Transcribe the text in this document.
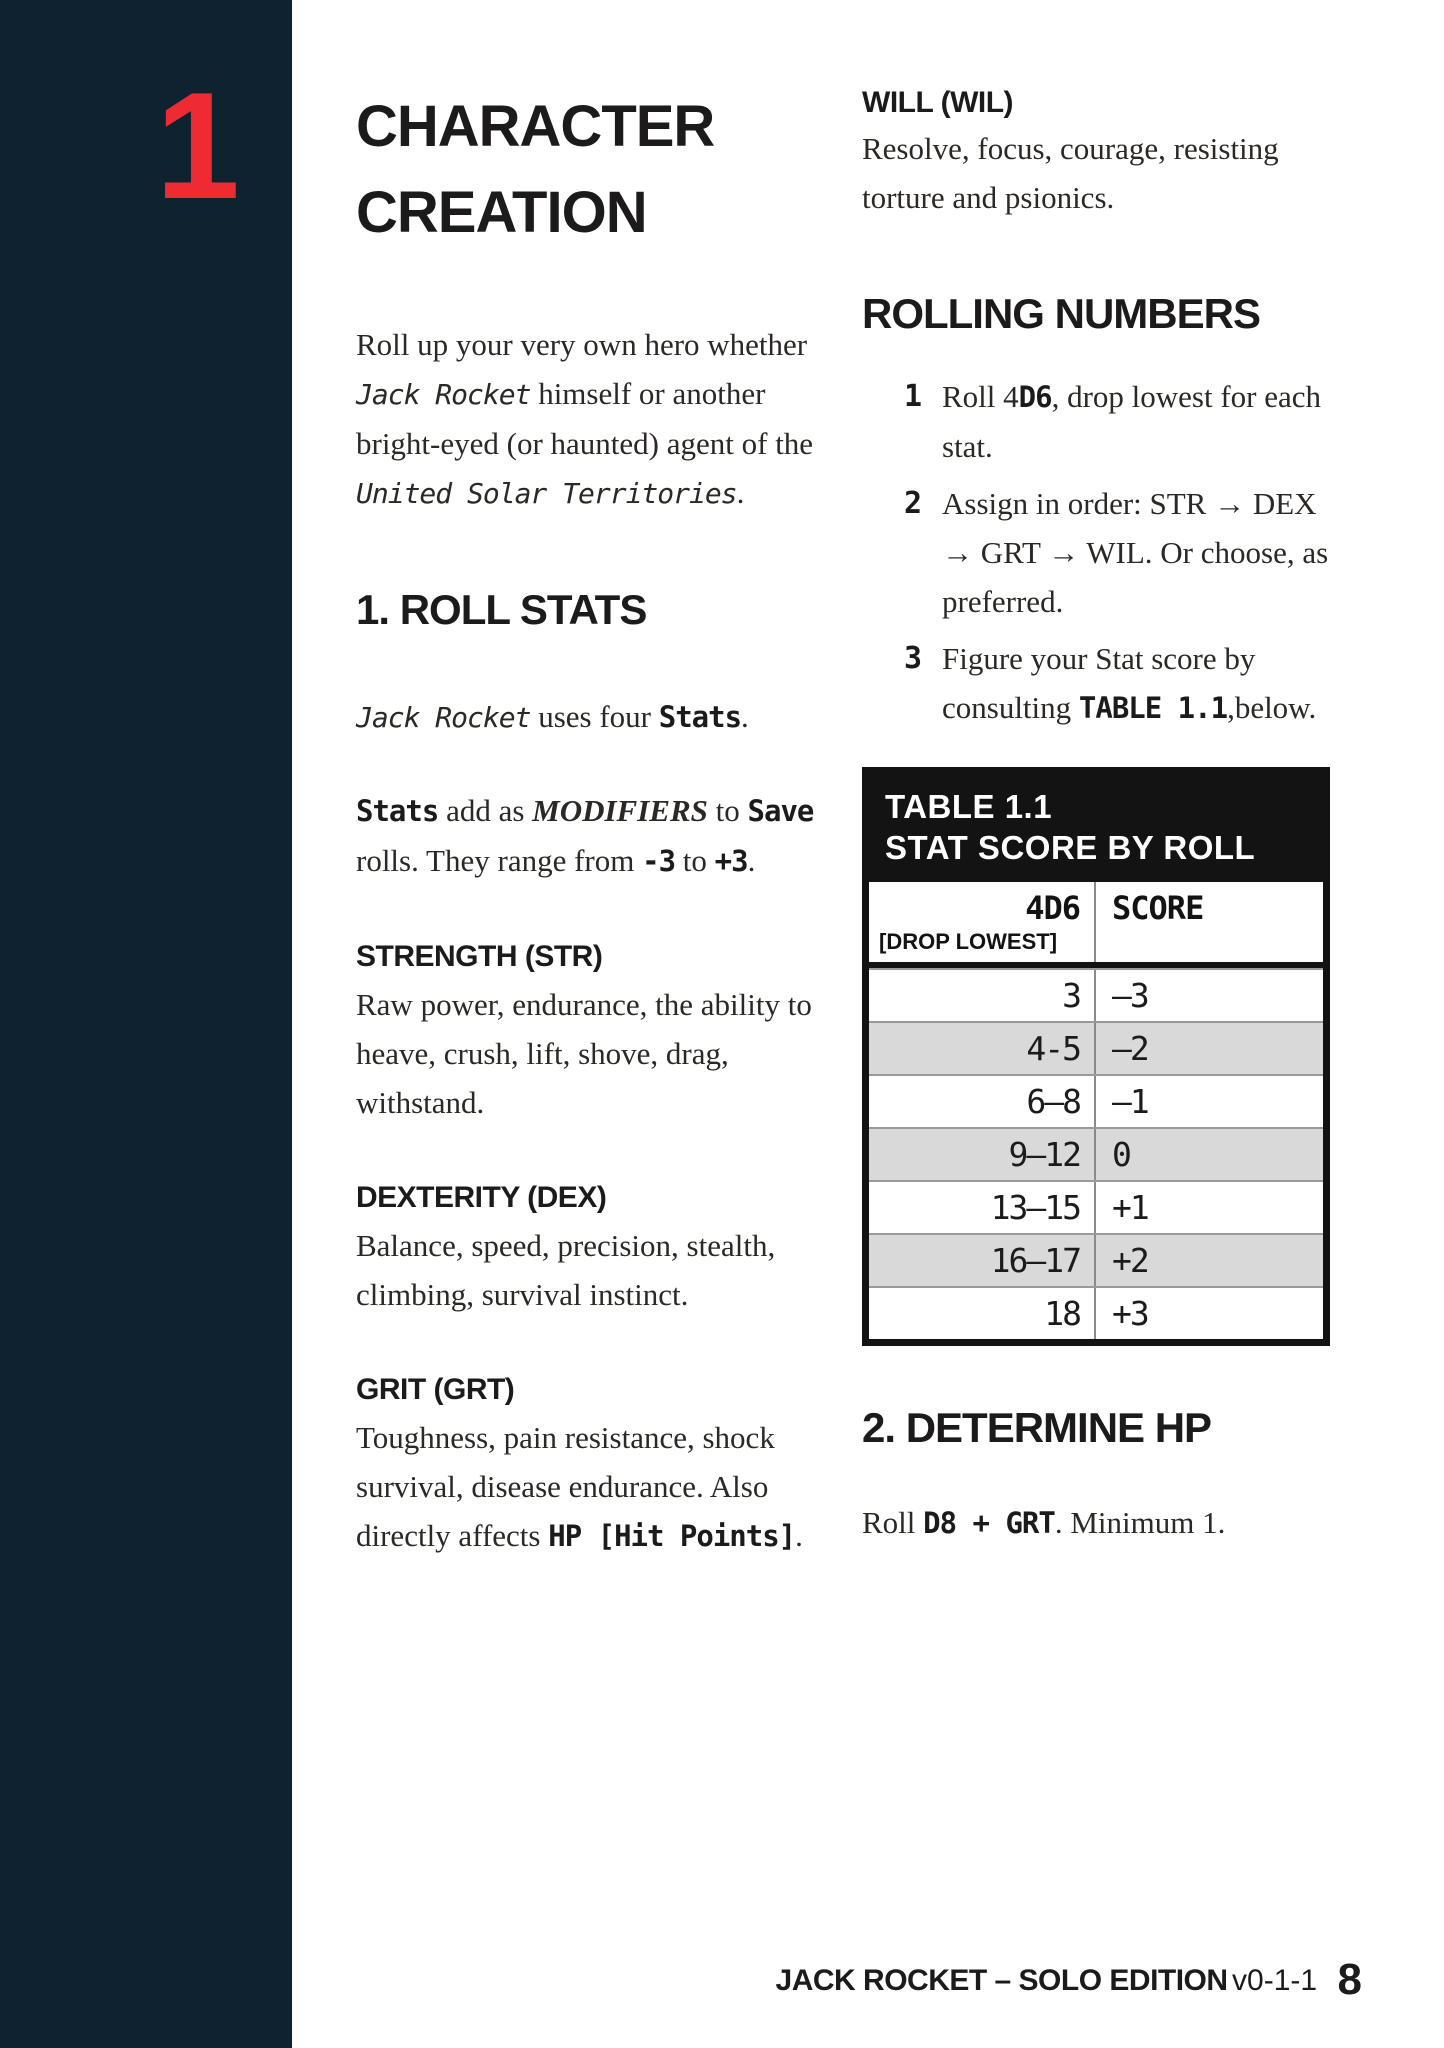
1 CHARACTER
CREATION

Roll up your very own hero whether Jack Rocket himself or another bright-eyed (or haunted) agent of the United Solar Territories.

1. ROLL STATS

Jack Rocket uses four Stats.

Stats add as MODIFIERS to Save rolls. They range from -3 to +3.

STRENGTH (STR)

Raw power, endurance, the ability to heave, crush, lift, shove, drag, withstand.

DEXTERITY (DEX)

Balance, speed, precision, stealth, climbing, survival instinct.

GRIT (GRT)

Toughness, pain resistance, shock survival, disease endurance. Also directly affects HP [Hit Points].

WILL (WIL)

Resolve, focus, courage, resisting torture and psionics.

ROLLING NUMBERS
1 Roll 4D6, drop lowest for each stat.
2 Assign in order: STR → DEX → GRT → WIL. Or choose, as preferred.
3 Figure your Stat score by consulting TABLE 1.1,below.
TABLE 1.1
STAT SCORE BY ROLL
4D6
[DROP LOWEST]
SCORE
3 –3
4-5 –2
6–8 –1
9–12 0
13–15 +1
16–17 +2
18 +3
2. DETERMINE HP

Roll D8 + GRT. Minimum 1.

JACK ROCKET – SOLO EDITION v0-1-1 8
